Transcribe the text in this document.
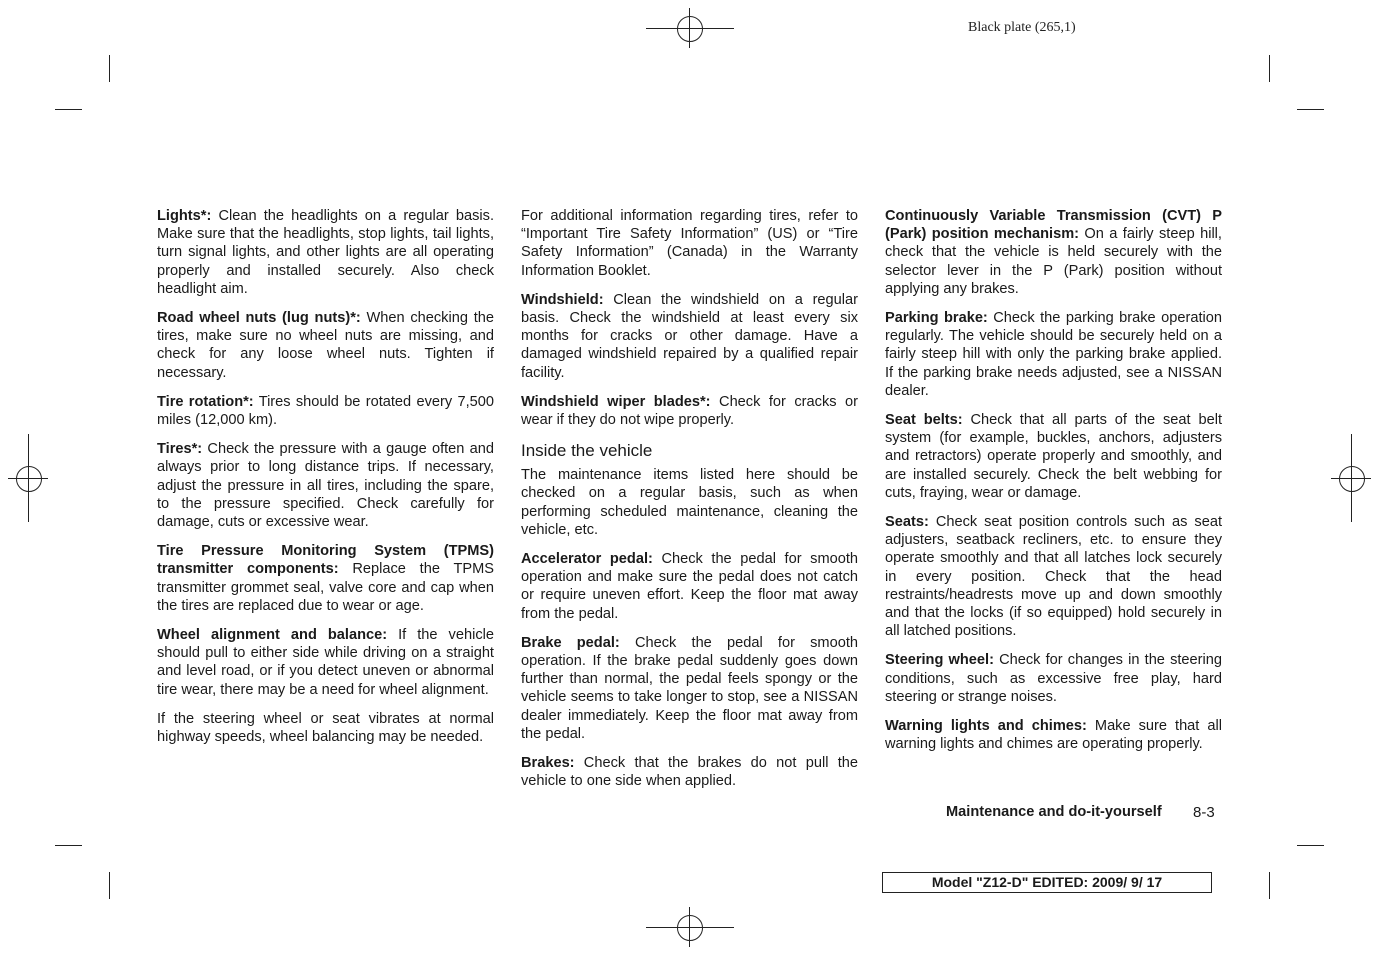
Black plate (265,1)

Lights*: Clean the headlights on a regular basis. Make sure that the headlights, stop lights, tail lights, turn signal lights, and other lights are all operating properly and installed securely. Also check headlight aim.

Road wheel nuts (lug nuts)*: When checking the tires, make sure no wheel nuts are missing, and check for any loose wheel nuts. Tighten if necessary.

Tire rotation*: Tires should be rotated every 7,500 miles (12,000 km).

Tires*: Check the pressure with a gauge often and always prior to long distance trips. If necessary, adjust the pressure in all tires, including the spare, to the pressure specified. Check carefully for damage, cuts or excessive wear.

Tire Pressure Monitoring System (TPMS) transmitter components: Replace the TPMS transmitter grommet seal, valve core and cap when the tires are replaced due to wear or age.

Wheel alignment and balance: If the vehicle should pull to either side while driving on a straight and level road, or if you detect uneven or abnormal tire wear, there may be a need for wheel alignment.

If the steering wheel or seat vibrates at normal highway speeds, wheel balancing may be needed.

For additional information regarding tires, refer to “Important Tire Safety Information” (US) or “Tire Safety Information” (Canada) in the Warranty Information Booklet.

Windshield: Clean the windshield on a regular basis. Check the windshield at least every six months for cracks or other damage. Have a damaged windshield repaired by a qualified repair facility.

Windshield wiper blades*: Check for cracks or wear if they do not wipe properly.

Inside the vehicle

The maintenance items listed here should be checked on a regular basis, such as when performing scheduled maintenance, cleaning the vehicle, etc.

Accelerator pedal: Check the pedal for smooth operation and make sure the pedal does not catch or require uneven effort. Keep the floor mat away from the pedal.

Brake pedal: Check the pedal for smooth operation. If the brake pedal suddenly goes down further than normal, the pedal feels spongy or the vehicle seems to take longer to stop, see a NISSAN dealer immediately. Keep the floor mat away from the pedal.

Brakes: Check that the brakes do not pull the vehicle to one side when applied.

Continuously Variable Transmission (CVT) P (Park) position mechanism: On a fairly steep hill, check that the vehicle is held securely with the selector lever in the P (Park) position without applying any brakes.

Parking brake: Check the parking brake operation regularly. The vehicle should be securely held on a fairly steep hill with only the parking brake applied. If the parking brake needs adjusted, see a NISSAN dealer.

Seat belts: Check that all parts of the seat belt system (for example, buckles, anchors, adjusters and retractors) operate properly and smoothly, and are installed securely. Check the belt webbing for cuts, fraying, wear or damage.

Seats: Check seat position controls such as seat adjusters, seatback recliners, etc. to ensure they operate smoothly and that all latches lock securely in every position. Check that the head restraints/headrests move up and down smoothly and that the locks (if so equipped) hold securely in all latched positions.

Steering wheel: Check for changes in the steering conditions, such as excessive free play, hard steering or strange noises.

Warning lights and chimes: Make sure that all warning lights and chimes are operating properly.

Maintenance and do-it-yourself 8-3
Model "Z12-D" EDITED: 2009/ 9/ 17
